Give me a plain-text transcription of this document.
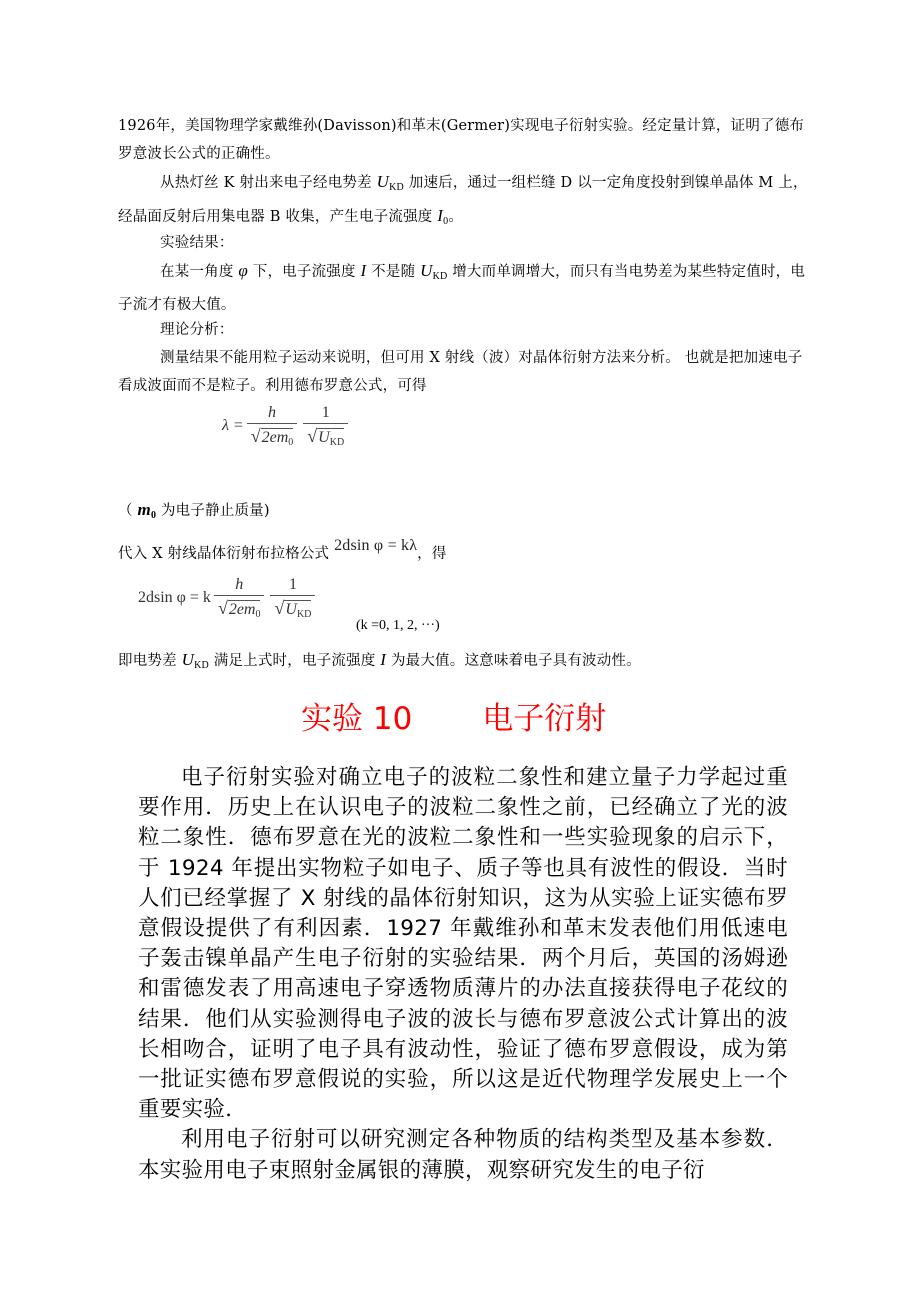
1926年，美国物理学家戴维孙(Davisson)和革末(Germer)实现电子衍射实验。经定量计算，证明了德布罗意波长公式的正确性。
从热灯丝 K 射出来电子经电势差 $U_{KD}$ 加速后，通过一组栏缝 D 以一定角度投射到镍单晶体 M 上，经晶面反射后用集电器 B 收集，产生电子流强度 $I_0$。
实验结果：
在某一角度 φ 下，电子流强度 I 不是随 $U_{KD}$ 增大而单调增大，而只有当电势差为某些特定值时，电子流才有极大值。
理论分析：
测量结果不能用粒子运动来说明，但可用 X 射线（波）对晶体衍射方法来分析。 也就是把加速电子看成波面而不是粒子。利用德布罗意公式，可得
$\lambda = \frac{h}{√2em_0} \frac{1}{√U_{KD}}$
（ $m_0$ 为电子静止质量)
代入 X 射线晶体衍射布拉格公式 2dsin φ = kλ，得
2dsin φ = k $\frac{h}{√2em_0} \frac{1}{√U_{KD}}$
(k =0, 1, 2, ···)
即电势差 $U_{KD}$ 满足上式时，电子流强度 I 为最大值。这意味着电子具有波动性。
实验 10 电子衍射

电子衍射实验对确立电子的波粒二象性和建立量子力学起过重要作用．历史上在认识电子的波粒二象性之前，已经确立了光的波粒二象性．德布罗意在光的波粒二象性和一些实验现象的启示下，于 1924 年提出实物粒子如电子、质子等也具有波性的假设．当时人们已经掌握了 X 射线的晶体衍射知识，这为从实验上证实德布罗意假设提供了有利因素．1927 年戴维孙和革末发表他们用低速电子轰击镍单晶产生电子衍射的实验结果．两个月后，英国的汤姆逊和雷德发表了用高速电子穿透物质薄片的办法直接获得电子花纹的结果．他们从实验测得电子波的波长与德布罗意波公式计算出的波长相吻合，证明了电子具有波动性，验证了德布罗意假设，成为第一批证实德布罗意假说的实验，所以这是近代物理学发展史上一个重要实验．

利用电子衍射可以研究测定各种物质的结构类型及基本参数．本实验用电子束照射金属银的薄膜，观察研究发生的电子衍
